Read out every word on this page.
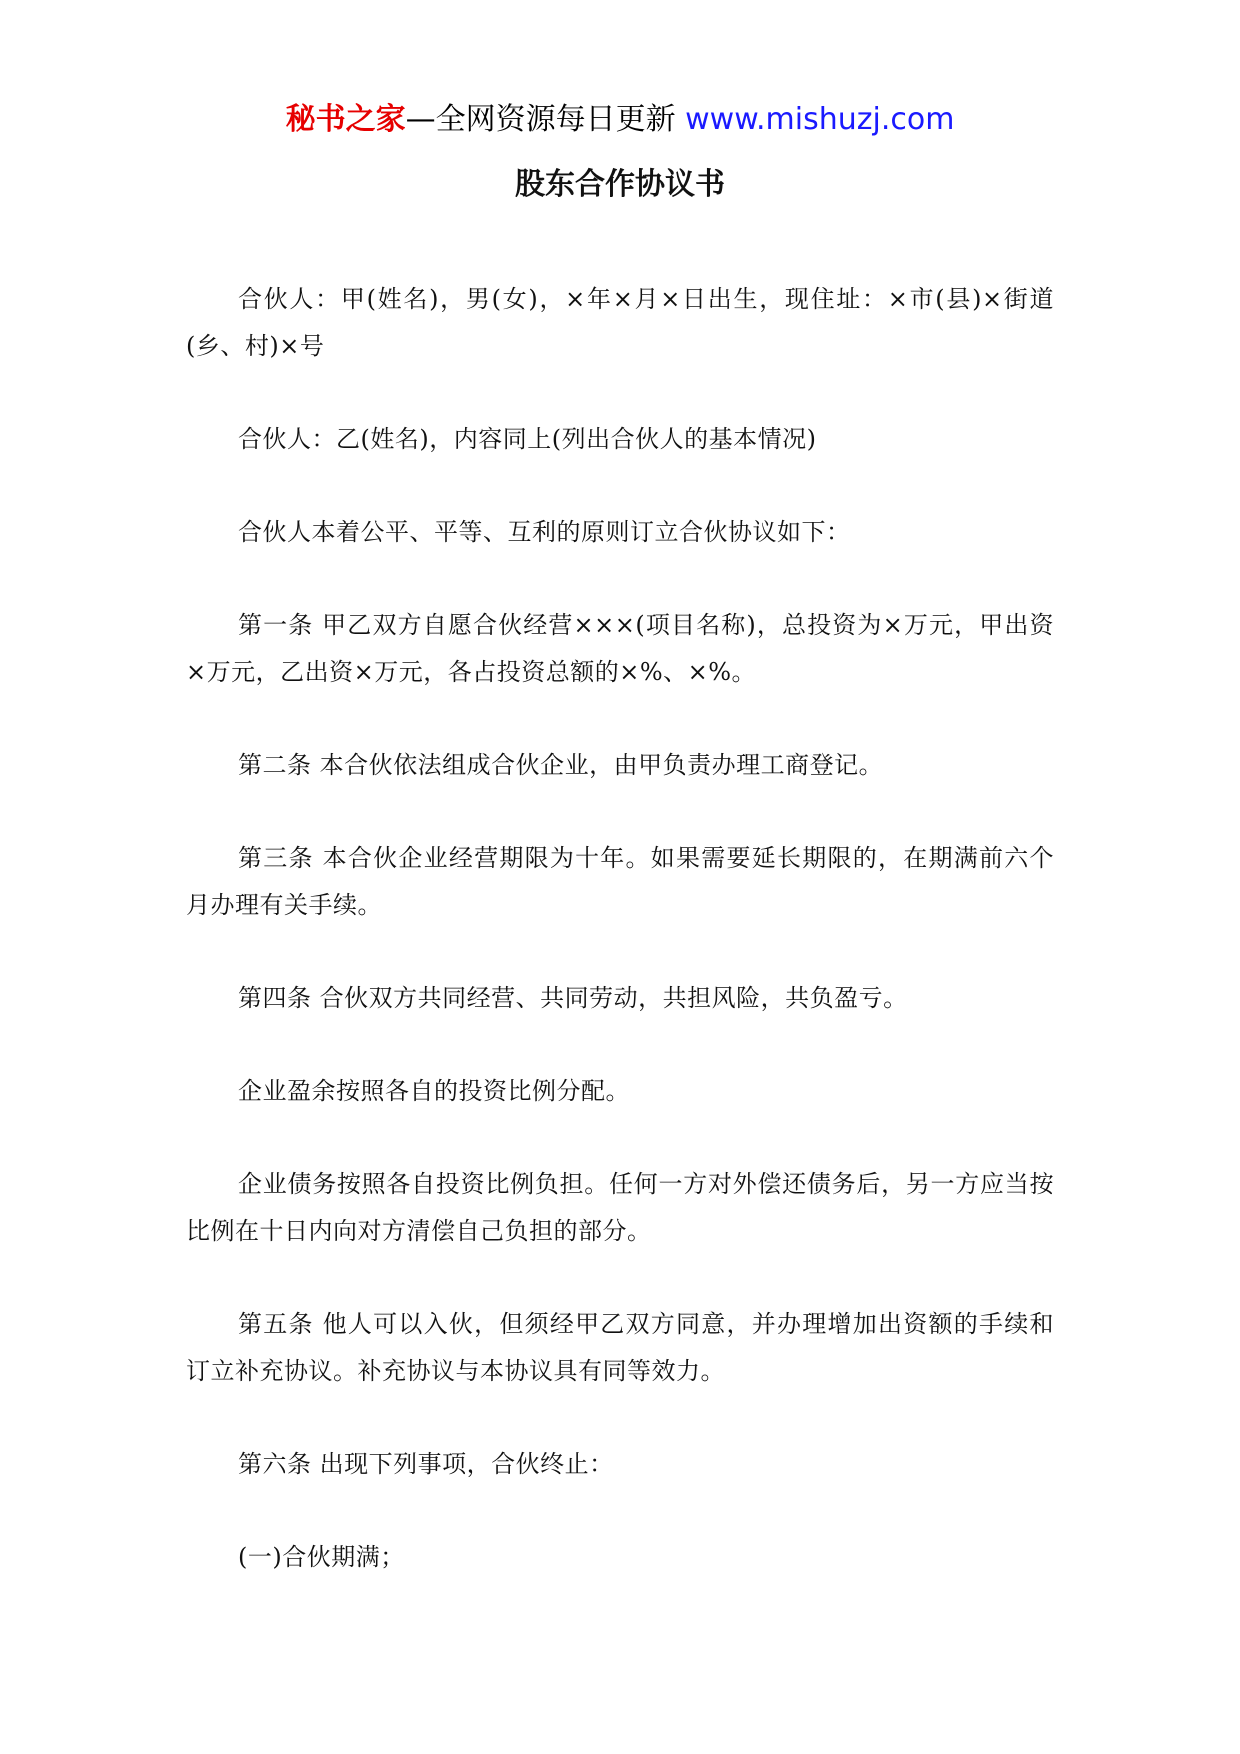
秘书之家—全网资源每日更新 www.mishuzj.com
股东合作协议书

合伙人：甲(姓名)，男(女)，×年×月×日出生，现住址：×市(县)×街道(乡、村)×号

合伙人：乙(姓名)，内容同上(列出合伙人的基本情况)

合伙人本着公平、平等、互利的原则订立合伙协议如下：

第一条 甲乙双方自愿合伙经营×××(项目名称)，总投资为×万元，甲出资×万元，乙出资×万元，各占投资总额的×%、×%。

第二条 本合伙依法组成合伙企业，由甲负责办理工商登记。

第三条 本合伙企业经营期限为十年。如果需要延长期限的，在期满前六个月办理有关手续。

第四条 合伙双方共同经营、共同劳动，共担风险，共负盈亏。

企业盈余按照各自的投资比例分配。

企业债务按照各自投资比例负担。任何一方对外偿还债务后，另一方应当按比例在十日内向对方清偿自己负担的部分。

第五条 他人可以入伙，但须经甲乙双方同意，并办理增加出资额的手续和订立补充协议。补充协议与本协议具有同等效力。

第六条 出现下列事项，合伙终止：

(一)合伙期满；
